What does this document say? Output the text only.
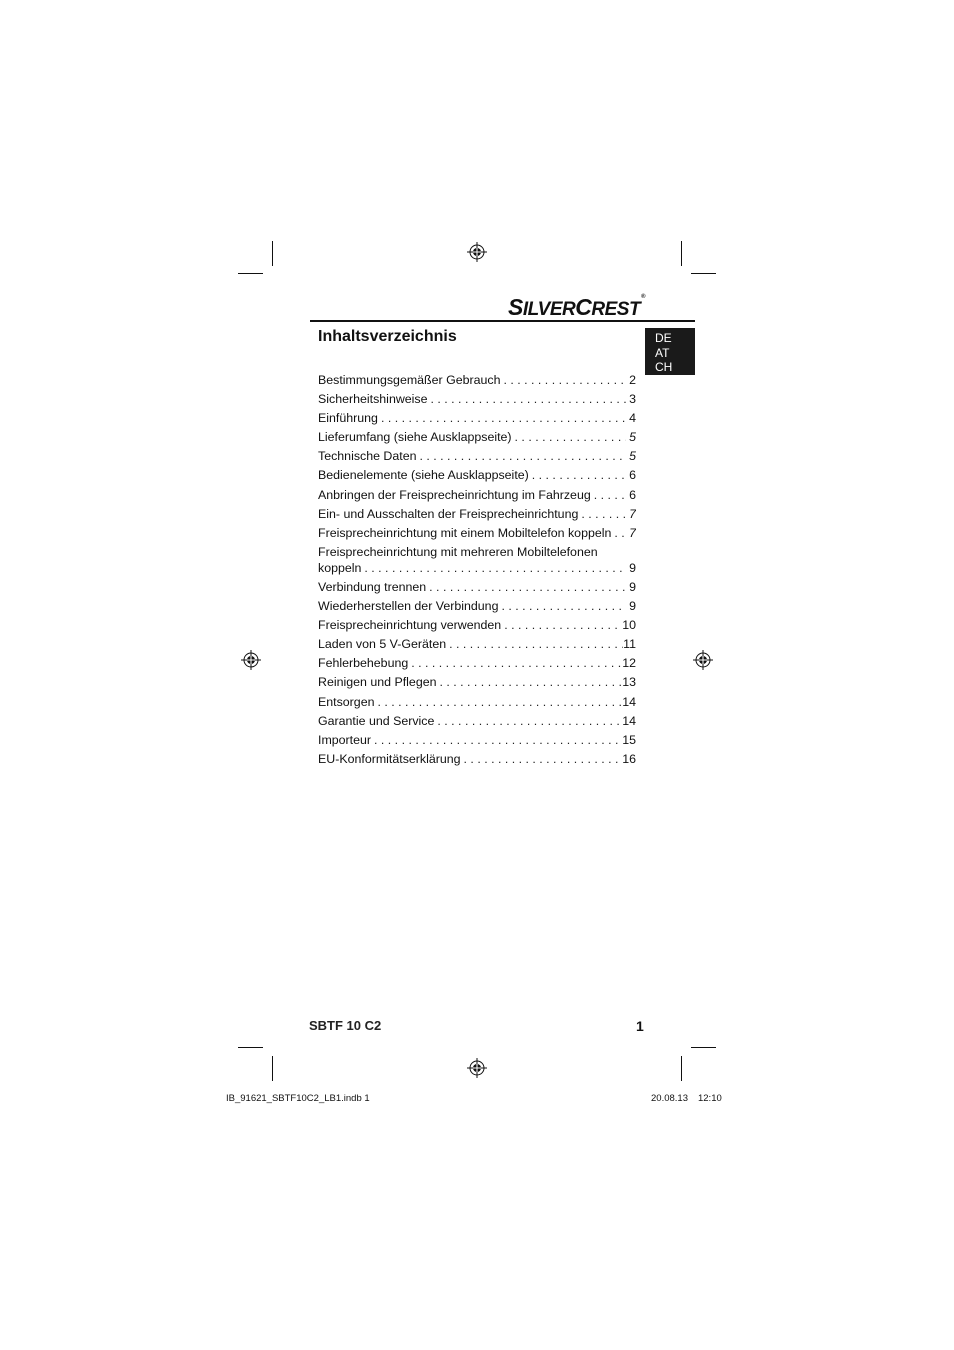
SILVERCREST®
Inhaltsverzeichnis	DE
AT
CH
Bestimmungsgemäßer Gebrauch . . .	2
Sicherheitshinweise . . .	3
Einführung . . .	4
Lieferumfang (siehe Ausklappseite) . . .	5
Technische Daten . . .	5
Bedienelemente (siehe Ausklappseite) . . .	6
Anbringen der Freisprecheinrichtung im Fahrzeug . . .	6
Ein- und Ausschalten der Freisprecheinrichtung . . .	7
Freisprecheinrichtung mit einem Mobiltelefon koppeln . . . 7
Freisprecheinrichtung mit mehreren Mobiltelefonen
koppeln . . .	9
Verbindung trennen . . .	9
Wiederherstellen der Verbindung . . .	9
Freisprecheinrichtung verwenden . . .	10
Laden von 5 V-Geräten . . .	11
Fehlerbehebung . . .	12
Reinigen und Pflegen . . .	13
Entsorgen . . .	14
Garantie und Service . . .	14
Importeur . . .	15
EU-Konformitätserklärung . . .	16
SBTF 10 C2	1
IB_91621_SBTF10C2_LB1.indb 1	20.08.13 12:10
